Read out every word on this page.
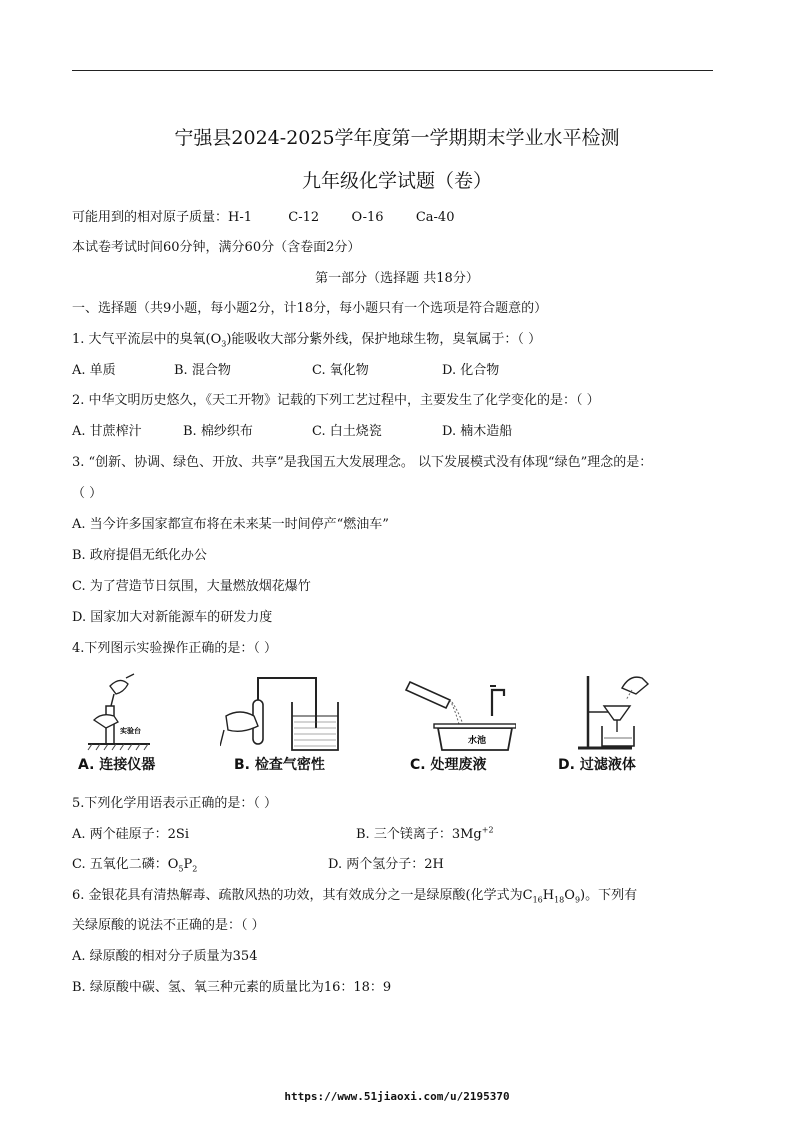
宁强县2024-2025学年度第一学期期末学业水平检测
九年级化学试题（卷）
可能用到的相对原子质量：H-1	C-12 O-16 Ca-40
本试卷考试时间60分钟，满分60分（含卷面2分）
第一部分（选择题 共18分）
一、选择题（共9小题，每小题2分，计18分，每小题只有一个选项是符合题意的）
1. 大气平流层中的臭氧$(O_3)$能吸收大部分紫外线，保护地球生物，臭氧属于：（ ）
A. 单质	B. 混合物	C. 氧化物	D. 化合物
2. 中华文明历史悠久，《天工开物》记载的下列工艺过程中，主要发生了化学变化的是：（ ）
A. 甘蔗榨汁	B. 棉纱织布	C. 白土烧瓷	D. 楠木造船
3. “创新、协调、绿色、开放、共享”是我国五大发展理念。 以下发展模式没有体现“绿色”理念的是：
（ ）
A. 当今许多国家都宣布将在未来某一时间停产“燃油车”
B. 政府提倡无纸化办公
C. 为了营造节日氛围，大量燃放烟花爆竹
D. 国家加大对新能源车的研发力度
4.下列图示实验操作正确的是：（ ）
实验台
A. 连接仪器	B. 检查气密性
水池
C. 处理废液	D. 过滤液体
5.下列化学用语表示正确的是：（ ）
A. 两个硅原子：2Si	B. 三个镁离子：$3Mg^{+2}$
C. 五氧化二磷：$O_5P_2$	D. 两个氢分子：2H
6. 金银花具有清热解毒、疏散风热的功效，其有效成分之一是绿原酸(化学式为$C_{16}H_{18}O_9$)。下列有
关绿原酸的说法不正确的是：（ ）
A. 绿原酸的相对分子质量为354
B. 绿原酸中碳、氢、氧三种元素的质量比为16：18：9
https://www.51jiaoxi.com/u/2195370
